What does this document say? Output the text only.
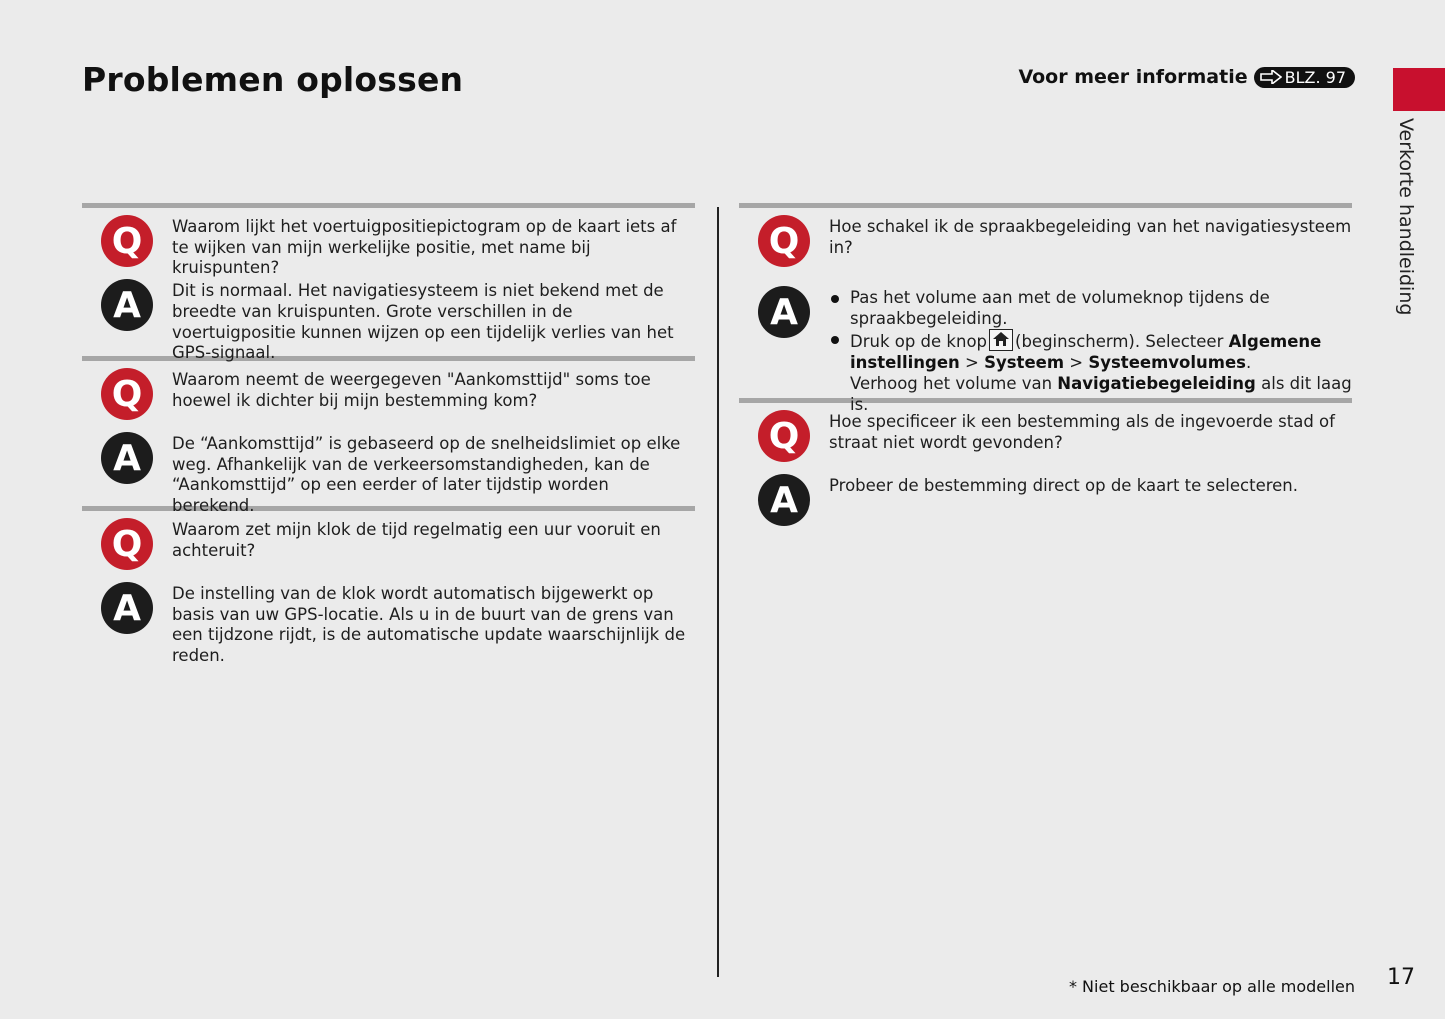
Problemen oplossen	Voor meer informatie BLZ. 97
Verkorte handleiding
Q	Waarom lijkt het voertuigpositiepictogram op de kaart iets af te wijken van mijn werkelijke positie, met name bij kruispunten?
A	Dit is normaal. Het navigatiesysteem is niet bekend met de breedte van kruispunten. Grote verschillen in de voertuigpositie kunnen wijzen op een tijdelijk verlies van het GPS-signaal.
Q	Waarom neemt de weergegeven "Aankomsttijd" soms toe hoewel ik dichter bij mijn bestemming kom?
A	De “Aankomsttijd” is gebaseerd op de snelheidslimiet op elke weg. Afhankelijk van de verkeersomstandigheden, kan de “Aankomsttijd” op een eerder of later tijdstip worden berekend.
Q	Waarom zet mijn klok de tijd regelmatig een uur vooruit en achteruit?
A	De instelling van de klok wordt automatisch bijgewerkt op basis van uw GPS-locatie. Als u in de buurt van de grens van een tijdzone rijdt, is de automatische update waarschijnlijk de reden.
Q	Hoe schakel ik de spraakbegeleiding van het navigatiesysteem in?
A	Pas het volume aan met de volumeknop tijdens de spraakbegeleiding.
Druk op de knop (beginscherm). Selecteer Algemene instellingen > Systeem > Systeemvolumes.
Verhoog het volume van Navigatiebegeleiding als dit laag is.
Q	Hoe specificeer ik een bestemming als de ingevoerde stad of straat niet wordt gevonden?
A	Probeer de bestemming direct op de kaart te selecteren.
* Niet beschikbaar op alle modellen 17
